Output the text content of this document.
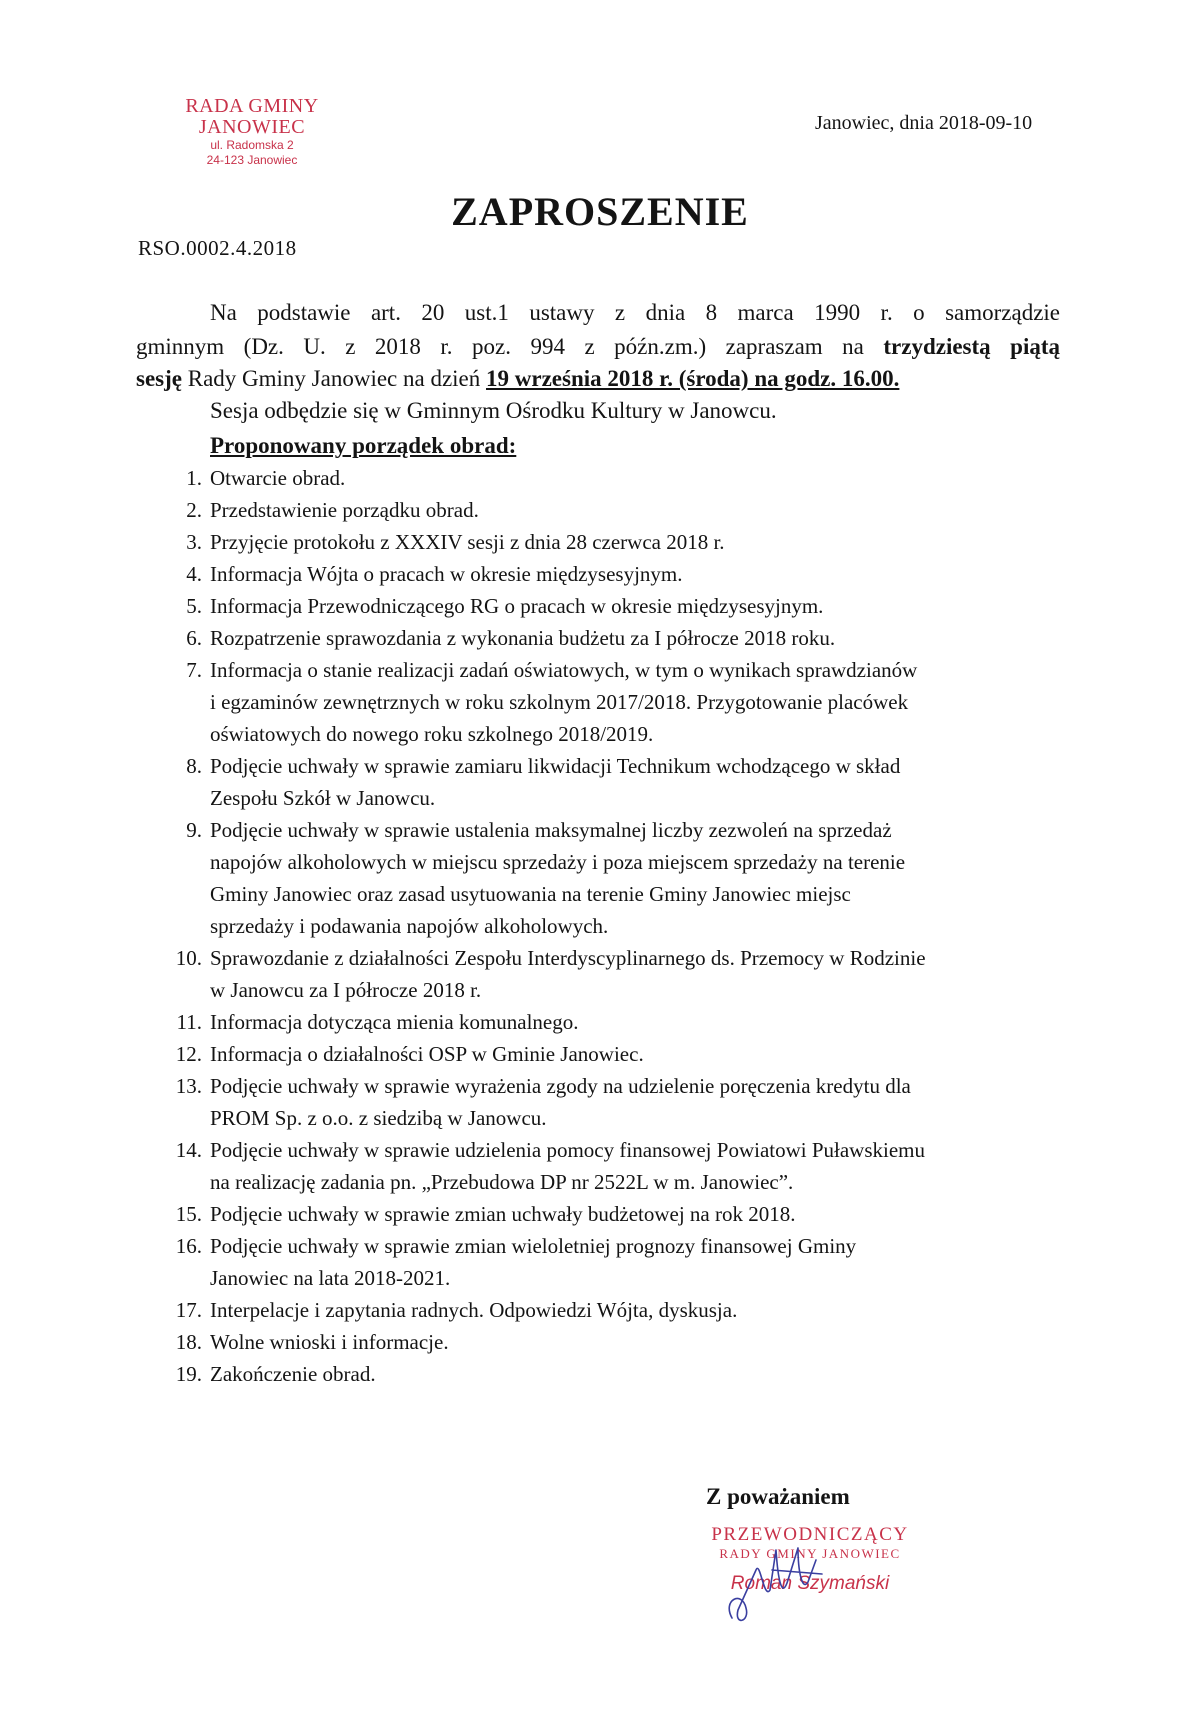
RADA GMINY
JANOWIEC
ul. Radomska 2
24-123 Janowiec
Janowiec, dnia 2018-09-10
ZAPROSZENIE
RSO.0002.4.2018
Na podstawie art. 20 ust.1 ustawy z dnia 8 marca 1990 r. o samorządzie
gminnym (Dz. U. z 2018 r. poz. 994 z późn.zm.) zapraszam na trzydziestą piątą
sesję Rady Gminy Janowiec na dzień 19 września 2018 r. (środa) na godz. 16.00.
Sesja odbędzie się w Gminnym Ośrodku Kultury w Janowcu.
Proponowany porządek obrad:
1. Otwarcie obrad.
2. Przedstawienie porządku obrad.
3. Przyjęcie protokołu z XXXIV sesji z dnia 28 czerwca 2018 r.
4. Informacja Wójta o pracach w okresie międzysesyjnym.
5. Informacja Przewodniczącego RG o pracach w okresie międzysesyjnym.
6. Rozpatrzenie sprawozdania z wykonania budżetu za I półrocze 2018 roku.
7. Informacja o stanie realizacji zadań oświatowych, w tym o wynikach sprawdzianów
i egzaminów zewnętrznych w roku szkolnym 2017/2018. Przygotowanie placówek
oświatowych do nowego roku szkolnego 2018/2019.
8. Podjęcie uchwały w sprawie zamiaru likwidacji Technikum wchodzącego w skład
Zespołu Szkół w Janowcu.
9. Podjęcie uchwały w sprawie ustalenia maksymalnej liczby zezwoleń na sprzedaż
napojów alkoholowych w miejscu sprzedaży i poza miejscem sprzedaży na terenie
Gminy Janowiec oraz zasad usytuowania na terenie Gminy Janowiec miejsc
sprzedaży i podawania napojów alkoholowych.
10. Sprawozdanie z działalności Zespołu Interdyscyplinarnego ds. Przemocy w Rodzinie
w Janowcu za I półrocze 2018 r.
11. Informacja dotycząca mienia komunalnego.
12. Informacja o działalności OSP w Gminie Janowiec.
13. Podjęcie uchwały w sprawie wyrażenia zgody na udzielenie poręczenia kredytu dla
PROM Sp. z o.o. z siedzibą w Janowcu.
14. Podjęcie uchwały w sprawie udzielenia pomocy finansowej Powiatowi Puławskiemu
na realizację zadania pn. „Przebudowa DP nr 2522L w m. Janowiec”.
15. Podjęcie uchwały w sprawie zmian uchwały budżetowej na rok 2018.
16. Podjęcie uchwały w sprawie zmian wieloletniej prognozy finansowej Gminy
Janowiec na lata 2018-2021.
17. Interpelacje i zapytania radnych. Odpowiedzi Wójta, dyskusja.
18. Wolne wnioski i informacje.
19. Zakończenie obrad.
Z poważaniem
PRZEWODNICZĄCY
RADY GMINY JANOWIEC
Roman Szymański
